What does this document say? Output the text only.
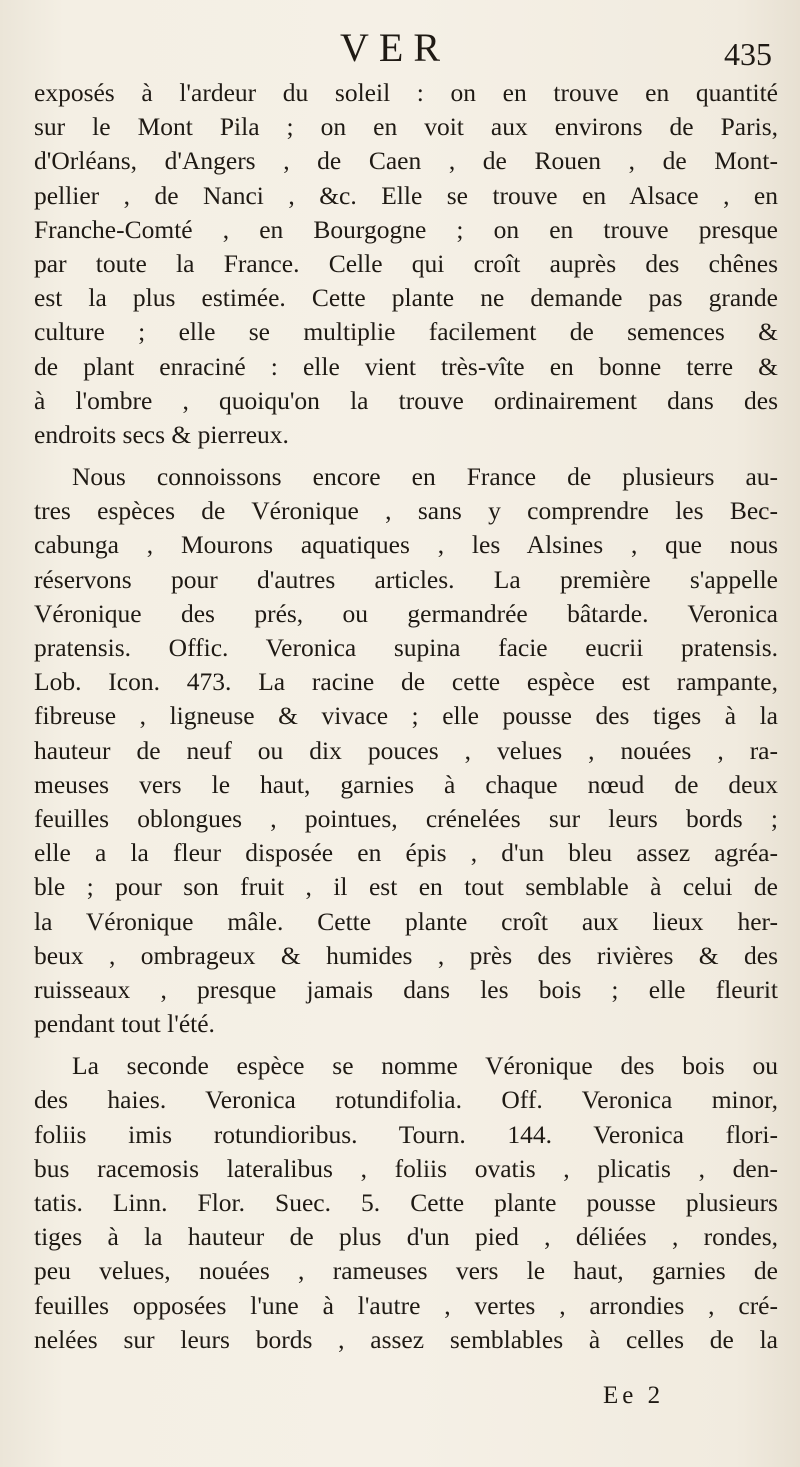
VER	435
exposés à l'ardeur du soleil : on en trouve en quantité
sur le Mont Pila ; on en voit aux environs de Paris,
d'Orléans, d'Angers , de Caen , de Rouen , de Mont-
pellier , de Nanci , &c. Elle se trouve en Alsace , en
Franche-Comté , en Bourgogne ; on en trouve presque
par toute la France. Celle qui croît auprès des chênes
est la plus estimée. Cette plante ne demande pas grande
culture ; elle se multiplie facilement de semences &
de plant enraciné : elle vient très-vîte en bonne terre &
à l'ombre , quoiqu'on la trouve ordinairement dans des
endroits secs & pierreux.
Nous connoissons encore en France de plusieurs au-
tres espèces de Véronique , sans y comprendre les Bec-
cabunga , Mourons aquatiques , les Alsines , que nous
réservons pour d'autres articles. La première s'appelle
Véronique des prés, ou germandrée bâtarde. Veronica
pratensis. Offic. Veronica supina facie eucrii pratensis.
Lob. Icon. 473. La racine de cette espèce est rampante,
fibreuse , ligneuse & vivace ; elle pousse des tiges à la
hauteur de neuf ou dix pouces , velues , nouées , ra-
meuses vers le haut, garnies à chaque nœud de deux
feuilles oblongues , pointues, crénelées sur leurs bords ;
elle a la fleur disposée en épis , d'un bleu assez agréa-
ble ; pour son fruit , il est en tout semblable à celui de
la Véronique mâle. Cette plante croît aux lieux her-
beux , ombrageux & humides , près des rivières & des
ruisseaux , presque jamais dans les bois ; elle fleurit
pendant tout l'été.
La seconde espèce se nomme Véronique des bois ou
des haies. Veronica rotundifolia. Off. Veronica minor,
foliis imis rotundioribus. Tourn. 144. Veronica flori-
bus racemosis lateralibus , foliis ovatis , plicatis , den-
tatis. Linn. Flor. Suec. 5. Cette plante pousse plusieurs
tiges à la hauteur de plus d'un pied , déliées , rondes,
peu velues, nouées , rameuses vers le haut, garnies de
feuilles opposées l'une à l'autre , vertes , arrondies , cré-
nelées sur leurs bords , assez semblables à celles de la
Ee 2
